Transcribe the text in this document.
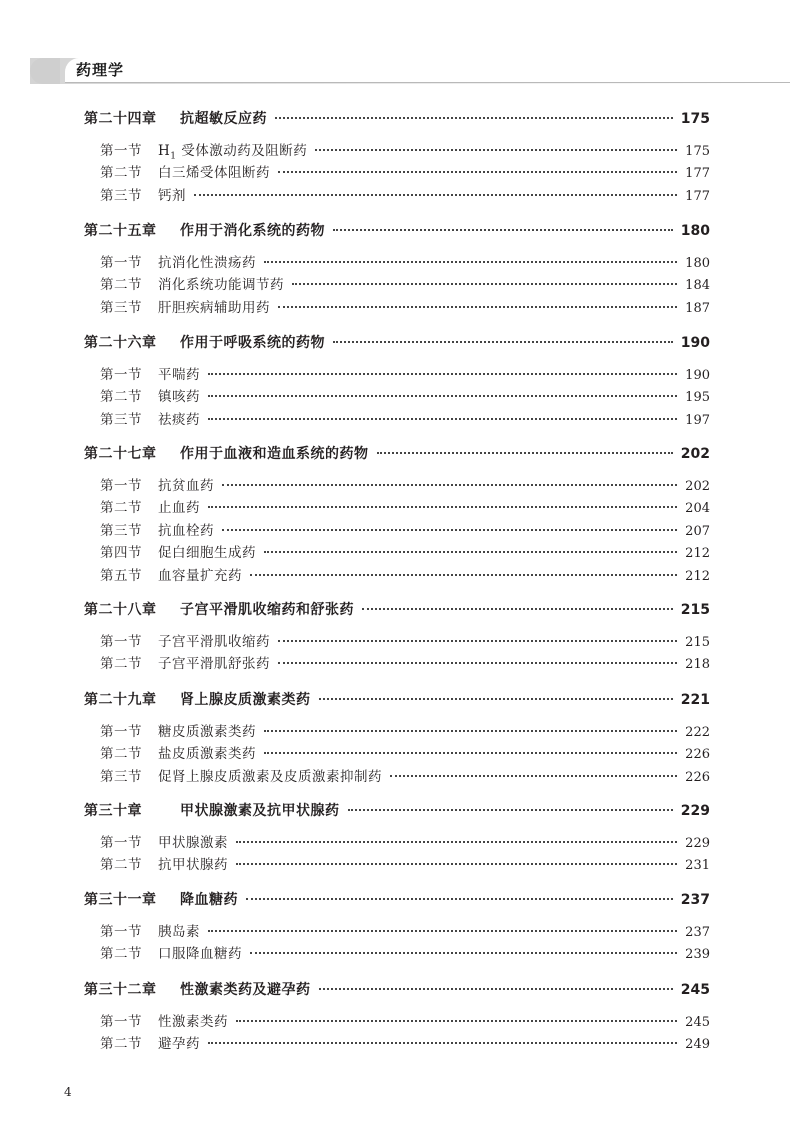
药理学
第二十四章	抗超敏反应药	175
第一节	$H_1$ 受体激动药及阻断药	175
第二节	白三烯受体阻断药	177
第三节	钙剂	177
第二十五章	作用于消化系统的药物	180
第一节	抗消化性溃疡药	180
第二节	消化系统功能调节药	184
第三节	肝胆疾病辅助用药	187
第二十六章	作用于呼吸系统的药物	190
第一节	平喘药	190
第二节	镇咳药	195
第三节	祛痰药	197
第二十七章	作用于血液和造血系统的药物	202
第一节	抗贫血药	202
第二节	止血药	204
第三节	抗血栓药	207
第四节	促白细胞生成药	212
第五节	血容量扩充药	212
第二十八章	子宫平滑肌收缩药和舒张药	215
第一节	子宫平滑肌收缩药	215
第二节	子宫平滑肌舒张药	218
第二十九章	肾上腺皮质激素类药	221
第一节	糖皮质激素类药	222
第二节	盐皮质激素类药	226
第三节	促肾上腺皮质激素及皮质激素抑制药	226
第三十章	甲状腺激素及抗甲状腺药	229
第一节	甲状腺激素	229
第二节	抗甲状腺药	231
第三十一章	降血糖药	237
第一节	胰岛素	237
第二节	口服降血糖药	239
第三十二章	性激素类药及避孕药	245
第一节	性激素类药	245
第二节	避孕药	249
4
